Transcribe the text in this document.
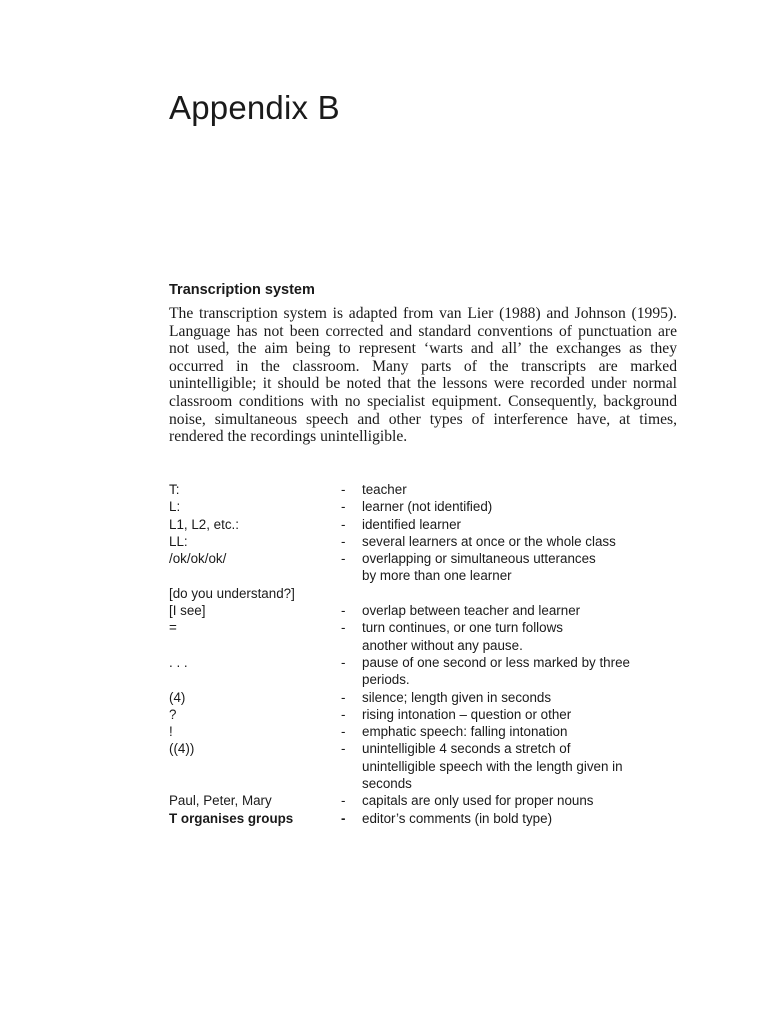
Appendix B
Transcription system

The transcription system is adapted from van Lier (1988) and Johnson (1995). Language has not been corrected and standard conventions of punctuation are not used, the aim being to represent ‘warts and all’ the exchanges as they occurred in the classroom. Many parts of the transcripts are marked unintelligible; it should be noted that the lessons were recorded under normal classroom conditions with no specialist equipment. Consequently, background noise, simultaneous speech and other types of interference have, at times, rendered the recordings unintelligible.

T:	-	teacher
L:	-	learner (not identified)
L1, L2, etc.:	-	identified learner
LL:	-	several learners at once or the whole class
/ok/ok/ok/	-	overlapping or simultaneous utterances
by more than one learner
[do you understand?]
[I see]	-	overlap between teacher and learner
=	-	turn continues, or one turn follows
another without any pause.
. . .	-	pause of one second or less marked by three
periods.
(4)	-	silence; length given in seconds
?	-	rising intonation – question or other
!	-	emphatic speech: falling intonation
((4))	-	unintelligible 4 seconds a stretch of
unintelligible speech with the length given in
seconds
Paul, Peter, Mary	-	capitals are only used for proper nouns
T organises groups	-	editor’s comments (in bold type)
